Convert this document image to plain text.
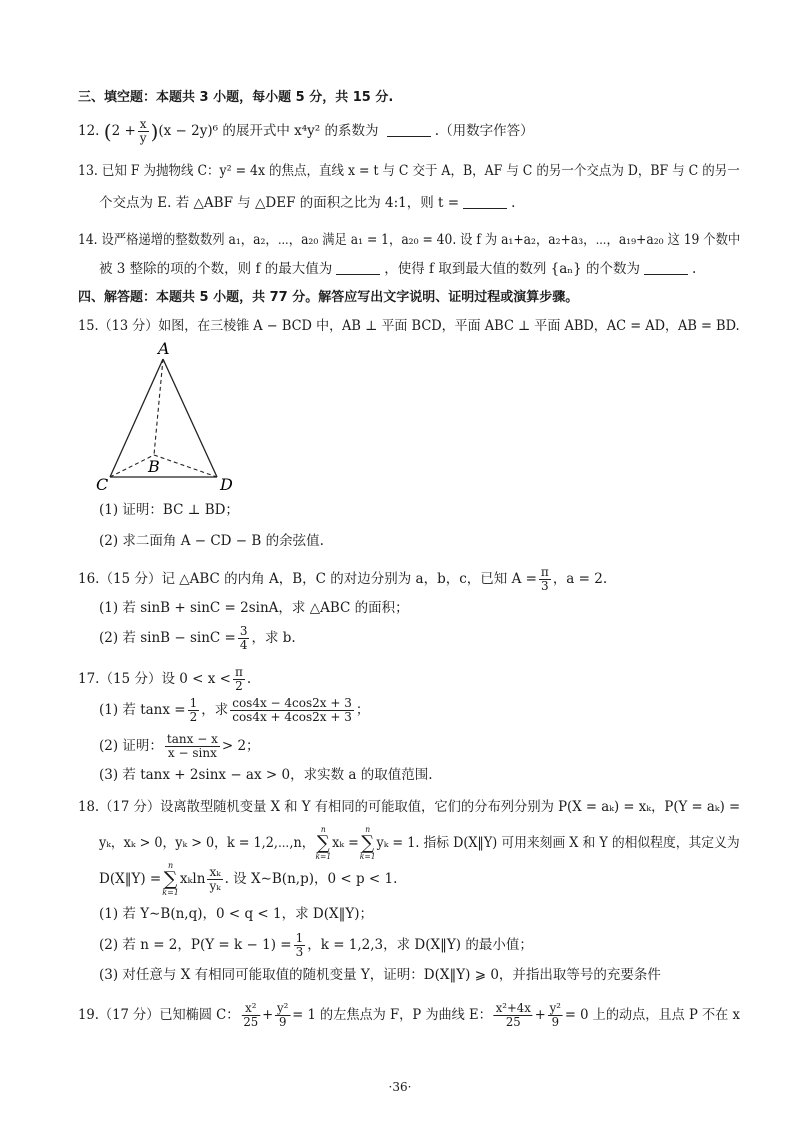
三、填空题：本题共 3 小题，每小题 5 分，共 15 分.
12. $(2 + \frac{x}{y} )(x - 2y)^6$ 的展开式中 x⁴y² 的系数为	.（用数字作答）
13. 已知 F 为抛物线 C：y² = 4x 的焦点，直线 x = t 与 C 交于 A，B，AF 与 C 的另一个交点为 D，BF 与 C 的另一
个交点为 E. 若 △ABF 与 △DEF 的面积之比为 4:1，则 t =	.
14. 设严格递增的整数数列 a₁，a₂，⋯，a₂₀ 满足 a₁ = 1，a₂₀ = 40. 设 f 为 a₁+a₂，a₂+a₃，⋯，a₁₉+a₂₀ 这 19 个数中
被 3 整除的项的个数，则 f 的最大值为	，使得 f 取到最大值的数列 {aₙ} 的个数为	.
四、解答题：本题共 5 小题，共 77 分。解答应写出文字说明、证明过程或演算步骤。
15.（13 分）如图，在三棱锥 A − BCD 中，AB ⊥ 平面 BCD，平面 ABC ⊥ 平面 ABD，AC = AD，AB = BD.
A
B
C	D
(1) 证明：BC ⊥ BD；
(2) 求二面角 A − CD − B 的余弦值.
16.（15 分）记 △ABC 的内角 A，B，C 的对边分别为 a，b，c，已知 $A = \frac{\pi}{3}$ ，a = 2.
(1) 若 sinB + sinC = 2sinA，求 △ABC 的面积；
(2) 若 $\sin B - \sin C = \frac{3}{4}$ ，求 b.
17.（15 分）设 $0 < x < \frac{\pi}{2}$ .
(1) 若 $\tan x = \frac{1}{2}$ ，求 $\frac{\cos 4x - 4\cos 2x + 3}{\cos 4x + 4\cos 2x + 3}$ ；
(2) 证明： $\frac{\tan x - x}{x - \sin x} > 2$；
(3) 若 tanx + 2sinx − ax > 0，求实数 a 的取值范围.
18.（17 分）设离散型随机变量 X 和 Y 有相同的可能取值，它们的分布列分别为 P(X = aₖ) = xₖ，P(Y = aₖ) =
yₖ，xₖ > 0，yₖ > 0，k = 1,2,⋯,n，
n
∑
k=1
xₖ =
n
∑
k=1
yₖ = 1. 指标 D(X‖Y) 可用来刻画 X 和 Y 的相似程度，其定义为
D(X‖Y) =
n
∑
k=1
xₖln $\frac{\text{xₖ}}{\text{yₖ}}$ . 设 X∼B(n,p)，0 < p < 1.
(1) 若 Y∼B(n,q)，0 < q < 1，求 D(X‖Y)；
(2) 若 n = 2，$P(Y = k - 1) = \frac{1}{3}$ ，k = 1,2,3，求 D(X‖Y) 的最小值；
(3) 对任意与 X 有相同可能取值的随机变量 Y，证明：D(X‖Y) ⩾ 0，并指出取等号的充要条件
19.（17 分）已知椭圆 C： $\frac{\text{x²}}{25} + \frac{\text{y²}}{9} = 1$ 的左焦点为 F，P 为曲线 E： $\frac{\text{x²+4x}}{25} + \frac{\text{y²}}{9} = 0$ 上的动点，且点 P 不在 x
·36·
